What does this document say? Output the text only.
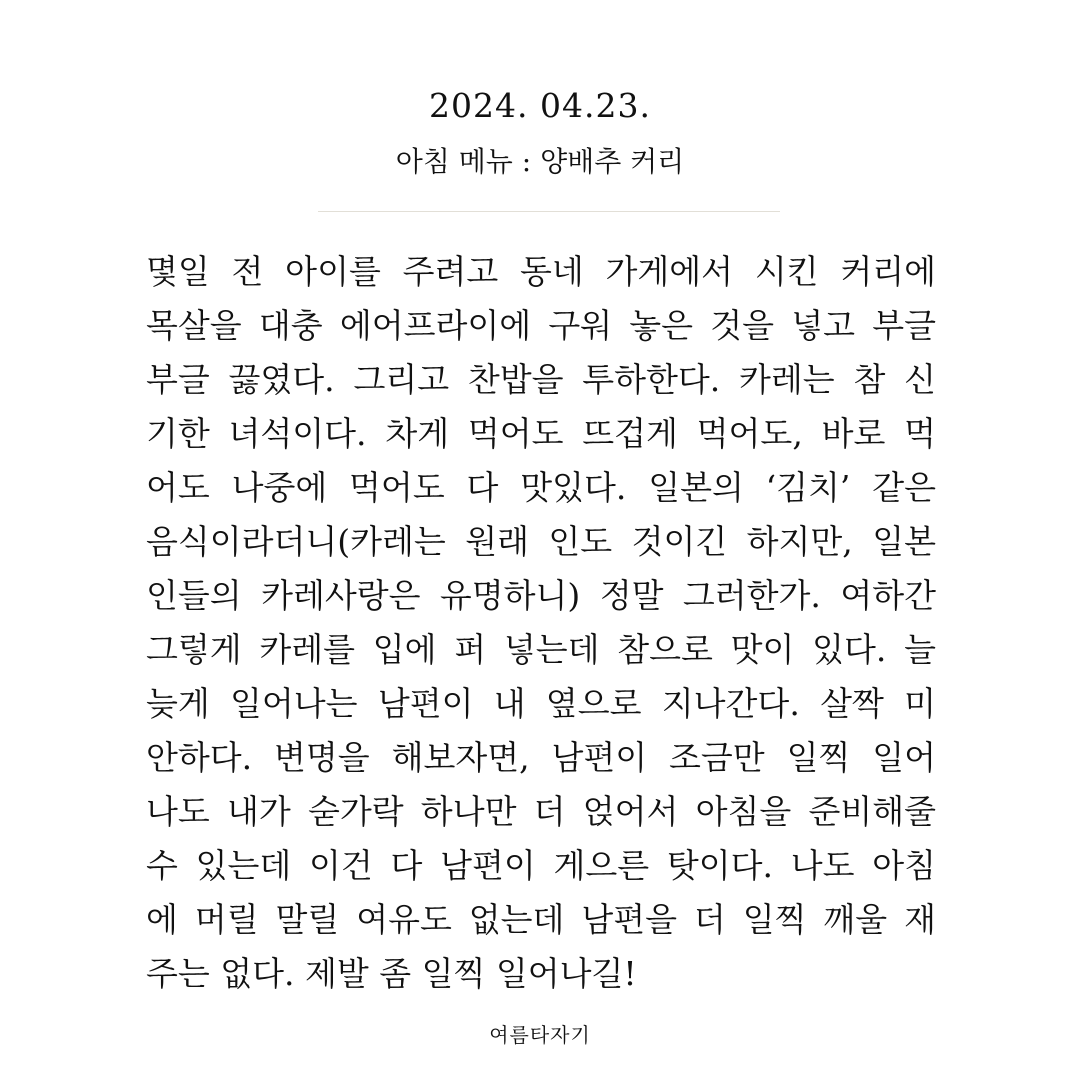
2024. 04.23.
아침 메뉴 : 양배추 커리
몇일 전 아이를 주려고 동네 가게에서 시킨 커리에
목살을 대충 에어프라이에 구워 놓은 것을 넣고 부글
부글 끓였다. 그리고 찬밥을 투하한다. 카레는 참 신
기한 녀석이다. 차게 먹어도 뜨겁게 먹어도, 바로 먹
어도 나중에 먹어도 다 맛있다. 일본의 ‘김치’ 같은
음식이라더니(카레는 원래 인도 것이긴 하지만, 일본
인들의 카레사랑은 유명하니) 정말 그러한가. 여하간
그렇게 카레를 입에 퍼 넣는데 참으로 맛이 있다. 늘
늦게 일어나는 남편이 내 옆으로 지나간다. 살짝 미
안하다. 변명을 해보자면, 남편이 조금만 일찍 일어
나도 내가 숟가락 하나만 더 얹어서 아침을 준비해줄
수 있는데 이건 다 남편이 게으른 탓이다. 나도 아침
에 머릴 말릴 여유도 없는데 남편을 더 일찍 깨울 재
주는 없다. 제발 좀 일찍 일어나길!
여름타자기
